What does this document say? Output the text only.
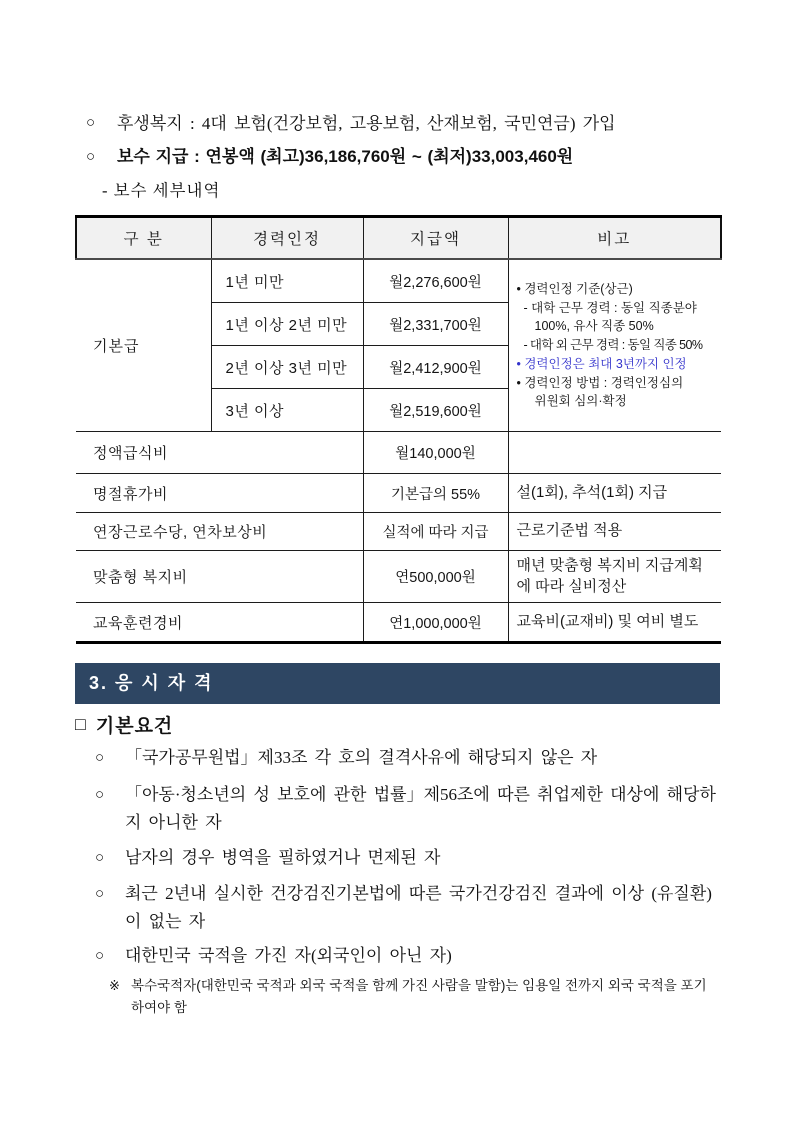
○	후생복지 : 4대 보험(건강보험, 고용보험, 산재보험, 국민연금) 가입
○	보수 지급 : 연봉액 (최고)36,186,760원 ~ (최저)33,003,460원
- 보수 세부내역
구 분	경력인정	지급액	비고
기본급	1년 미만	월2,276,600원	• 경력인정 기준(상근)
- 대학 근무 경력 : 동일 직종분야
100%, 유사 직종 50%
- 대학 외 근무 경력 : 동일 직종 50%
• 경력인정은 최대 3년까지 인정
• 경력인정 방법 : 경력인정심의
위원회 심의·확정

	1년 이상 2년 미만	월2,331,700원	
	2년 이상 3년 미만	월2,412,900원	
	3년 이상	월2,519,600원	
정액급식비		월140,000원	
명절휴가비		기본급의 55%	설(1회), 추석(1회) 지급
연장근로수당, 연차보상비		실적에 따라 지급	근로기준법 적용
맞춤형 복지비		연500,000원	매년 맞춤형 복지비 지급계획에 따라 실비정산
교육훈련경비		연1,000,000원	교육비(교재비) 및 여비 별도
3. 응 시 자 격
□ 기본요건
○	「국가공무원법」제33조 각 호의 결격사유에 해당되지 않은 자
○	「아동·청소년의 성 보호에 관한 법률」제56조에 따른 취업제한 대상에 해당하지 아니한 자
○	남자의 경우 병역을 필하였거나 면제된 자
○	최근 2년내 실시한 건강검진기본법에 따른 국가건강검진 결과에 이상 (유질환)이 없는 자
○	대한민국 국적을 가진 자(외국인이 아닌 자)
※ 복수국적자(대한민국 국적과 외국 국적을 함께 가진 사람을 말함)는 임용일 전까지 외국 국적을 포기하여야 함
